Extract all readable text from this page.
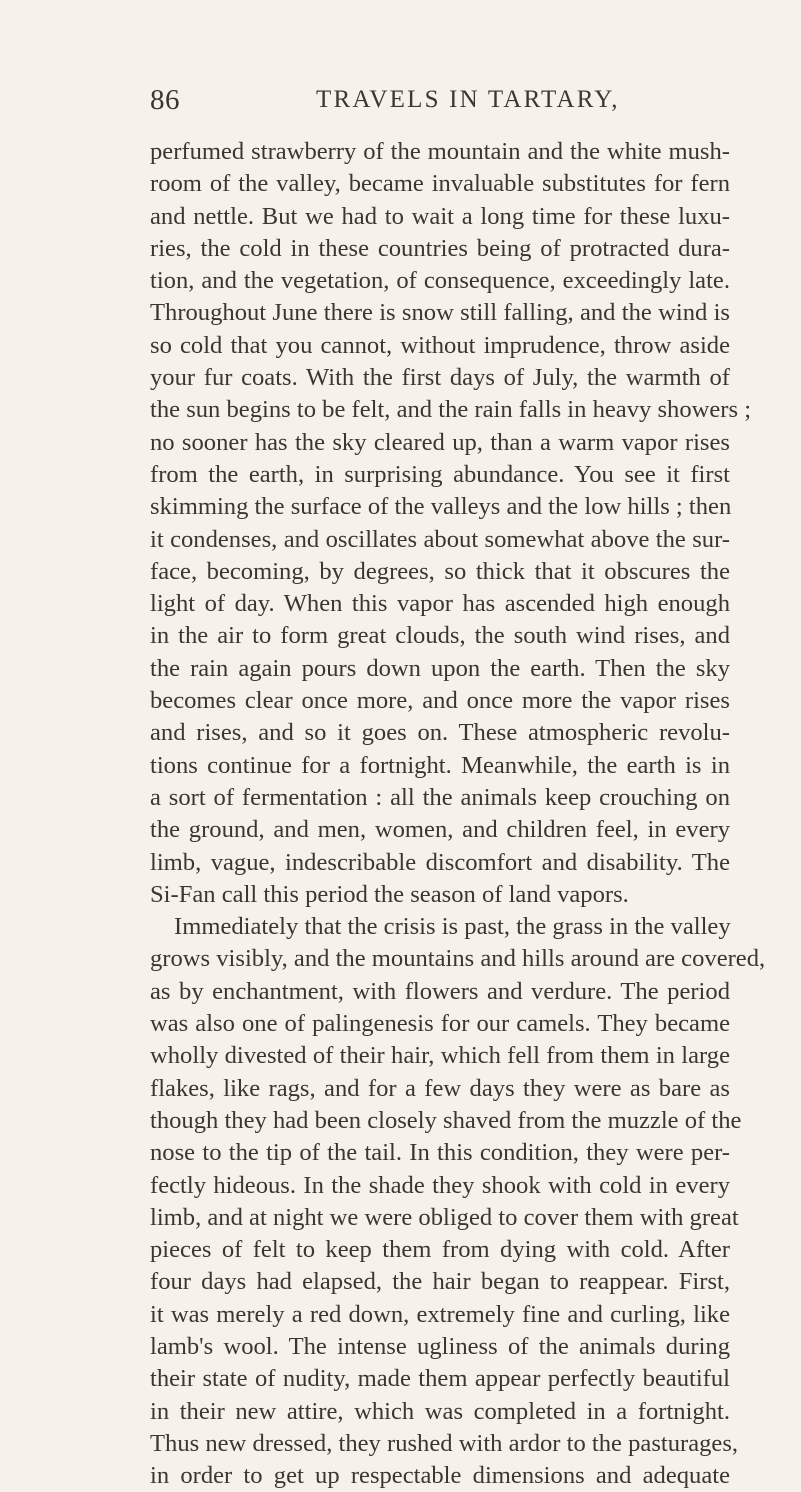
86	TRAVELS IN TARTARY,
perfumed strawberry of the mountain and the white mush-
room of the valley, became invaluable substitutes for fern
and nettle. But we had to wait a long time for these luxu-
ries, the cold in these countries being of protracted dura-
tion, and the vegetation, of consequence, exceedingly late.
Throughout June there is snow still falling, and the wind is
so cold that you cannot, without imprudence, throw aside
your fur coats. With the first days of July, the warmth of
the sun begins to be felt, and the rain falls in heavy showers ;
no sooner has the sky cleared up, than a warm vapor rises
from the earth, in surprising abundance. You see it first
skimming the surface of the valleys and the low hills ; then
it condenses, and oscillates about somewhat above the sur-
face, becoming, by degrees, so thick that it obscures the
light of day. When this vapor has ascended high enough
in the air to form great clouds, the south wind rises, and
the rain again pours down upon the earth. Then the sky
becomes clear once more, and once more the vapor rises
and rises, and so it goes on. These atmospheric revolu-
tions continue for a fortnight. Meanwhile, the earth is in
a sort of fermentation : all the animals keep crouching on
the ground, and men, women, and children feel, in every
limb, vague, indescribable discomfort and disability. The
Si-Fan call this period the season of land vapors.
Immediately that the crisis is past, the grass in the valley
grows visibly, and the mountains and hills around are covered,
as by enchantment, with flowers and verdure. The period
was also one of palingenesis for our camels. They became
wholly divested of their hair, which fell from them in large
flakes, like rags, and for a few days they were as bare as
though they had been closely shaved from the muzzle of the
nose to the tip of the tail. In this condition, they were per-
fectly hideous. In the shade they shook with cold in every
limb, and at night we were obliged to cover them with great
pieces of felt to keep them from dying with cold. After
four days had elapsed, the hair began to reappear. First,
it was merely a red down, extremely fine and curling, like
lamb's wool. The intense ugliness of the animals during
their state of nudity, made them appear perfectly beautiful
in their new attire, which was completed in a fortnight.
Thus new dressed, they rushed with ardor to the pasturages,
in order to get up respectable dimensions and adequate
